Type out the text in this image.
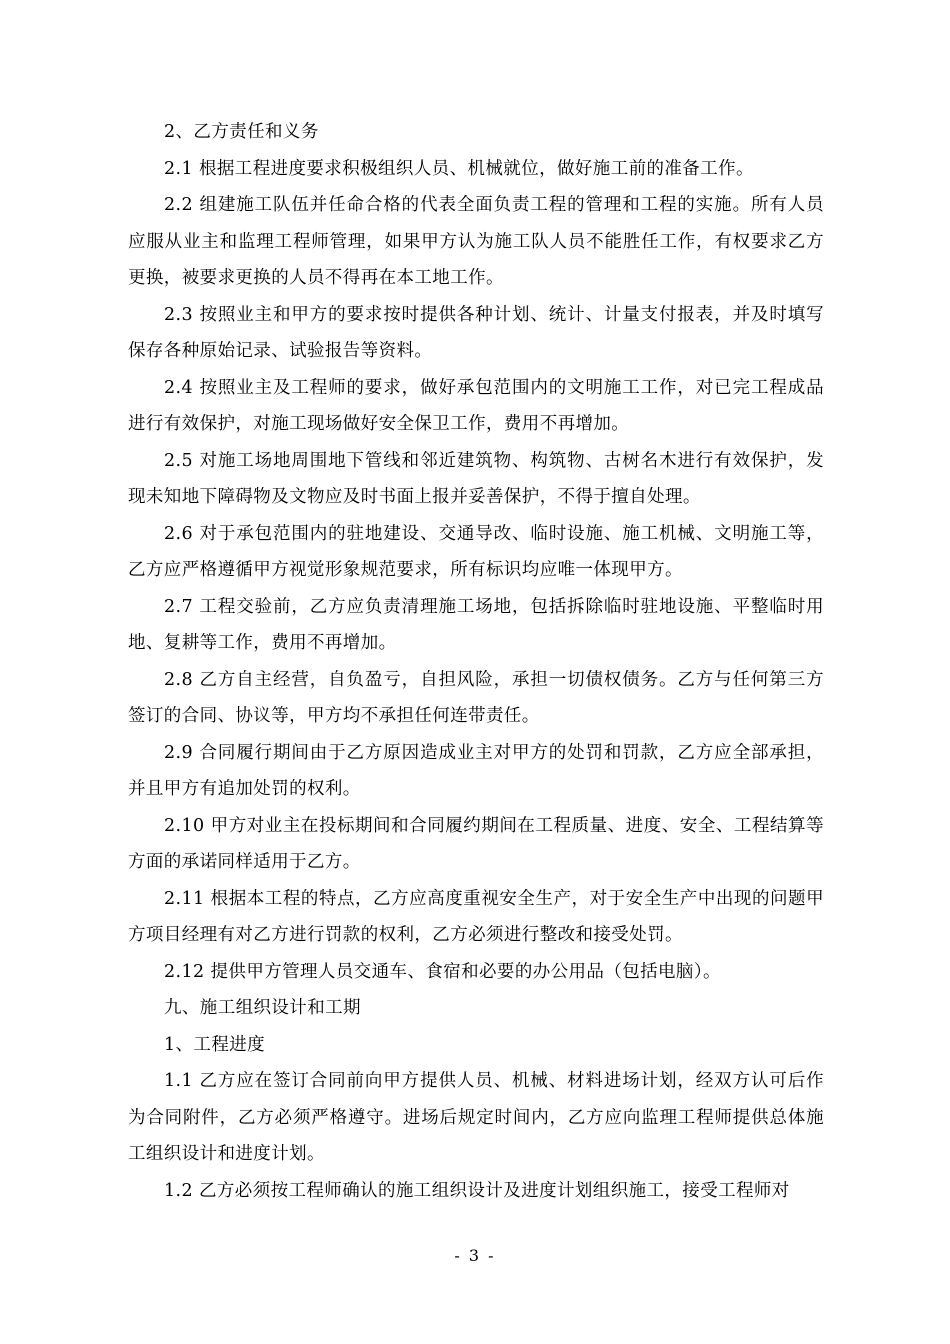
2、乙方责任和义务

2.1 根据工程进度要求积极组织人员、机械就位，做好施工前的准备工作。

2.2 组建施工队伍并任命合格的代表全面负责工程的管理和工程的实施。所有人员应服从业主和监理工程师管理，如果甲方认为施工队人员不能胜任工作，有权要求乙方更换，被要求更换的人员不得再在本工地工作。

2.3 按照业主和甲方的要求按时提供各种计划、统计、计量支付报表，并及时填写保存各种原始记录、试验报告等资料。

2.4 按照业主及工程师的要求，做好承包范围内的文明施工工作，对已完工程成品进行有效保护，对施工现场做好安全保卫工作，费用不再增加。

2.5 对施工场地周围地下管线和邻近建筑物、构筑物、古树名木进行有效保护，发现未知地下障碍物及文物应及时书面上报并妥善保护，不得于擅自处理。

2.6 对于承包范围内的驻地建设、交通导改、临时设施、施工机械、文明施工等，乙方应严格遵循甲方视觉形象规范要求，所有标识均应唯一体现甲方。

2.7 工程交验前，乙方应负责清理施工场地，包括拆除临时驻地设施、平整临时用地、复耕等工作，费用不再增加。

2.8 乙方自主经营，自负盈亏，自担风险，承担一切债权债务。乙方与任何第三方签订的合同、协议等，甲方均不承担任何连带责任。

2.9 合同履行期间由于乙方原因造成业主对甲方的处罚和罚款，乙方应全部承担，并且甲方有追加处罚的权利。

2.10 甲方对业主在投标期间和合同履约期间在工程质量、进度、安全、工程结算等方面的承诺同样适用于乙方。

2.11 根据本工程的特点，乙方应高度重视安全生产，对于安全生产中出现的问题甲方项目经理有对乙方进行罚款的权利，乙方必须进行整改和接受处罚。

2.12 提供甲方管理人员交通车、食宿和必要的办公用品（包括电脑）。

九、施工组织设计和工期

1、工程进度

1.1 乙方应在签订合同前向甲方提供人员、机械、材料进场计划，经双方认可后作为合同附件，乙方必须严格遵守。进场后规定时间内，乙方应向监理工程师提供总体施工组织设计和进度计划。

1.2 乙方必须按工程师确认的施工组织设计及进度计划组织施工，接受工程师对

- 3 -
